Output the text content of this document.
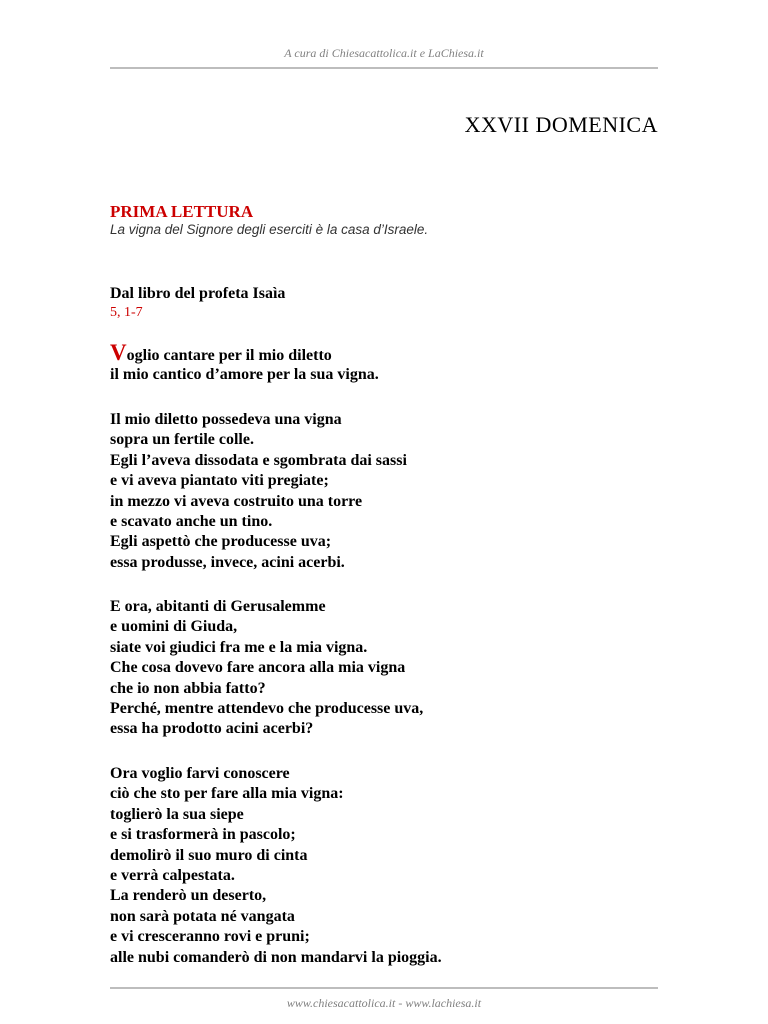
A cura di Chiesacattolica.it e LaChiesa.it
XXVII DOMENICA
PRIMA LETTURA
La vigna del Signore degli eserciti è la casa d’Israele.
Dal libro del profeta Isaìa
5, 1-7
Voglio cantare per il mio diletto
il mio cantico d’amore per la sua vigna.
Il mio diletto possedeva una vigna
sopra un fertile colle.
Egli l’aveva dissodata e sgombrata dai sassi
e vi aveva piantato viti pregiate;
in mezzo vi aveva costruito una torre
e scavato anche un tino.
Egli aspettò che producesse uva;
essa produsse, invece, acini acerbi.
E ora, abitanti di Gerusalemme
e uomini di Giuda,
siate voi giudici fra me e la mia vigna.
Che cosa dovevo fare ancora alla mia vigna
che io non abbia fatto?
Perché, mentre attendevo che producesse uva,
essa ha prodotto acini acerbi?
Ora voglio farvi conoscere
ciò che sto per fare alla mia vigna:
toglierò la sua siepe
e si trasformerà in pascolo;
demolirò il suo muro di cinta
e verrà calpestata.
La renderò un deserto,
non sarà potata né vangata
e vi cresceranno rovi e pruni;
alle nubi comanderò di non mandarvi la pioggia.
www.chiesacattolica.it - www.lachiesa.it
